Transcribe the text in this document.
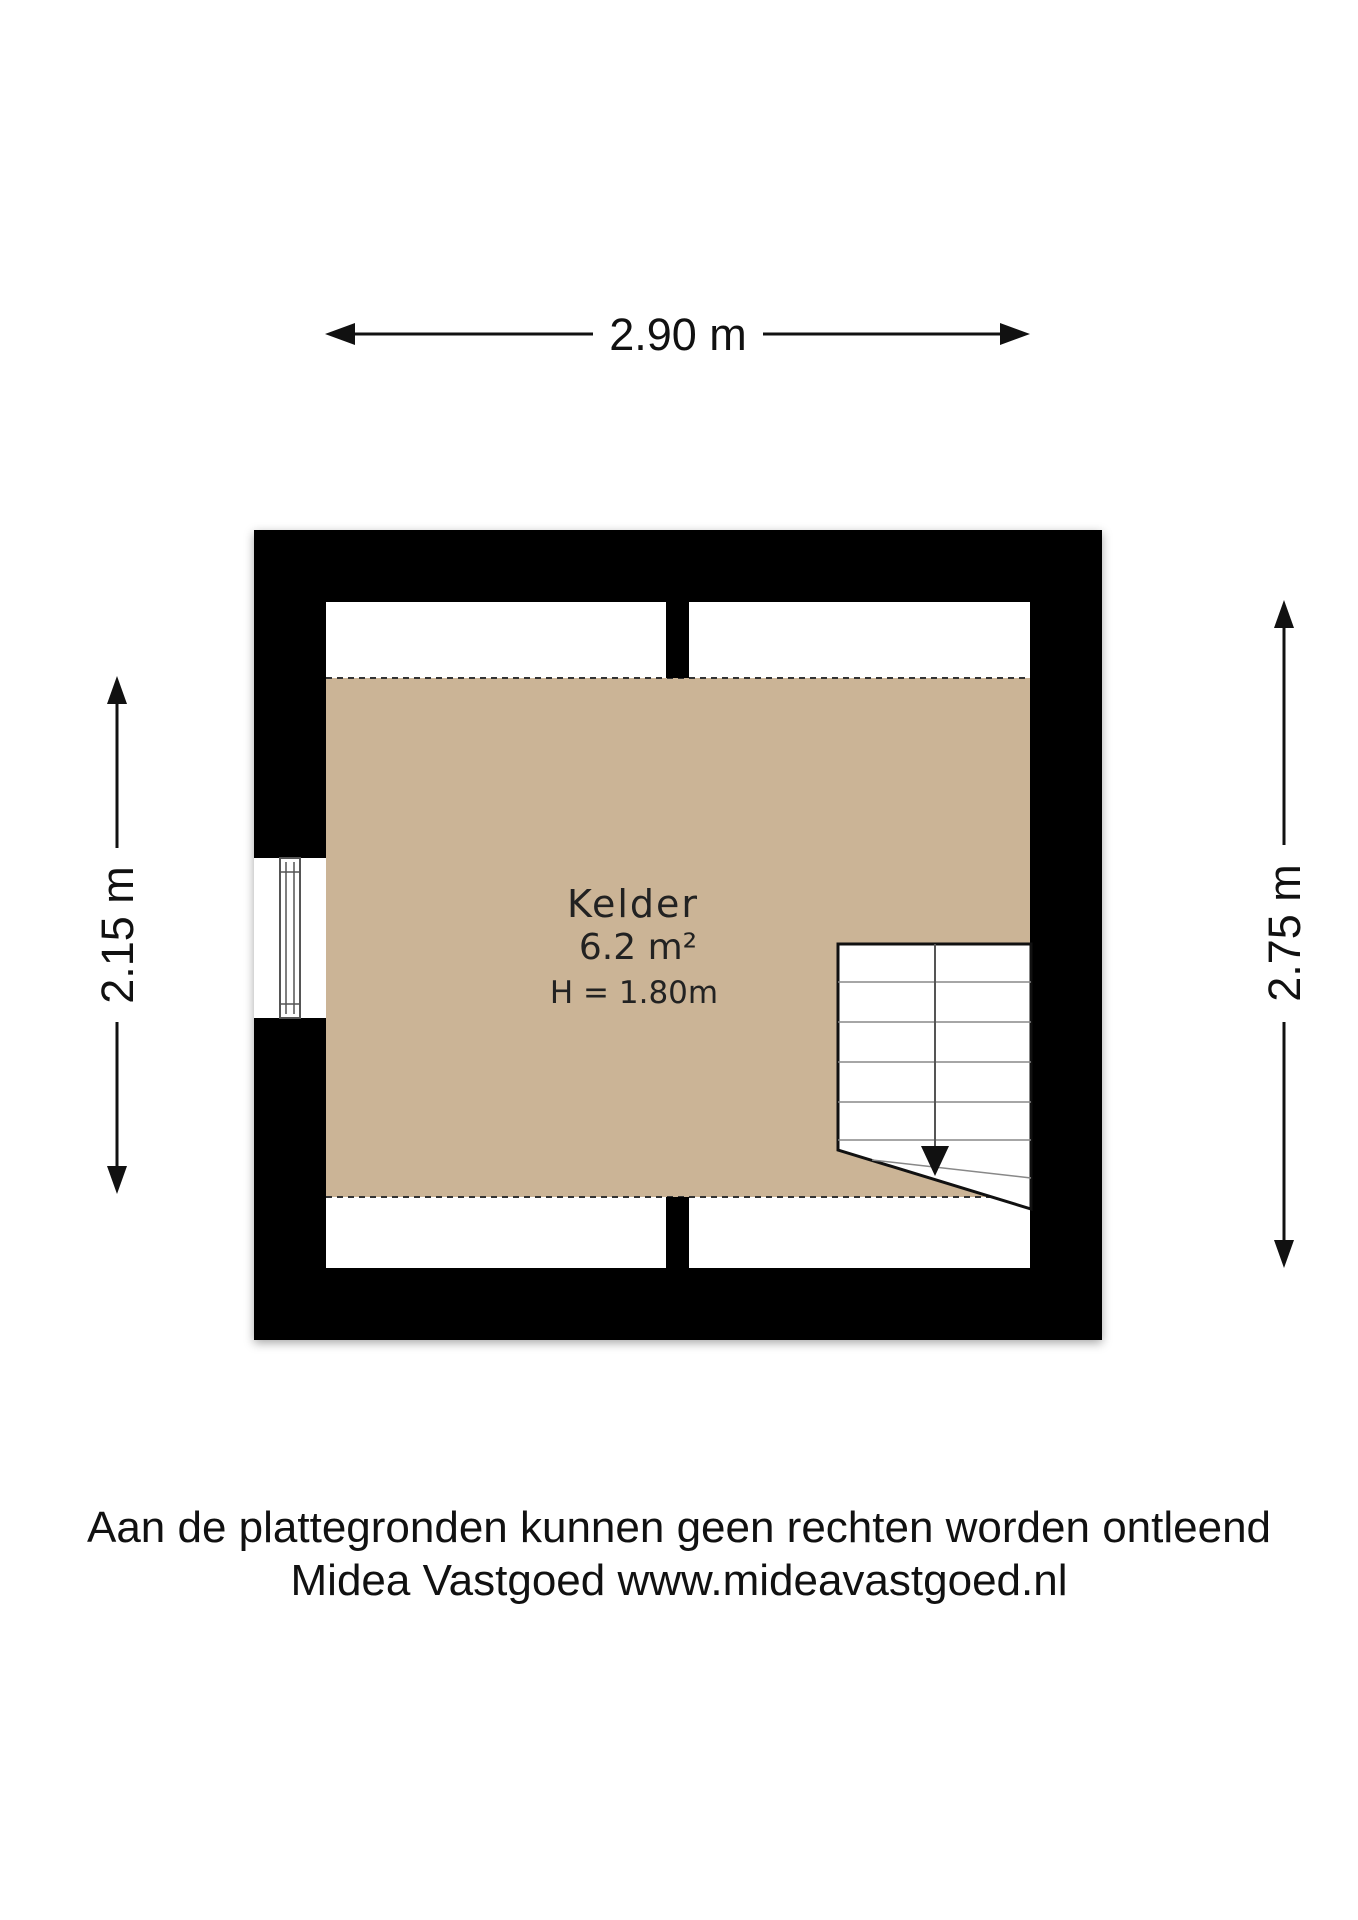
2.90 m
2.15 m	2.75 m
Kelder
6.2 m²
H = 1.80m
Aan de plattegronden kunnen geen rechten worden ontleend
Midea Vastgoed www.mideavastgoed.nl
